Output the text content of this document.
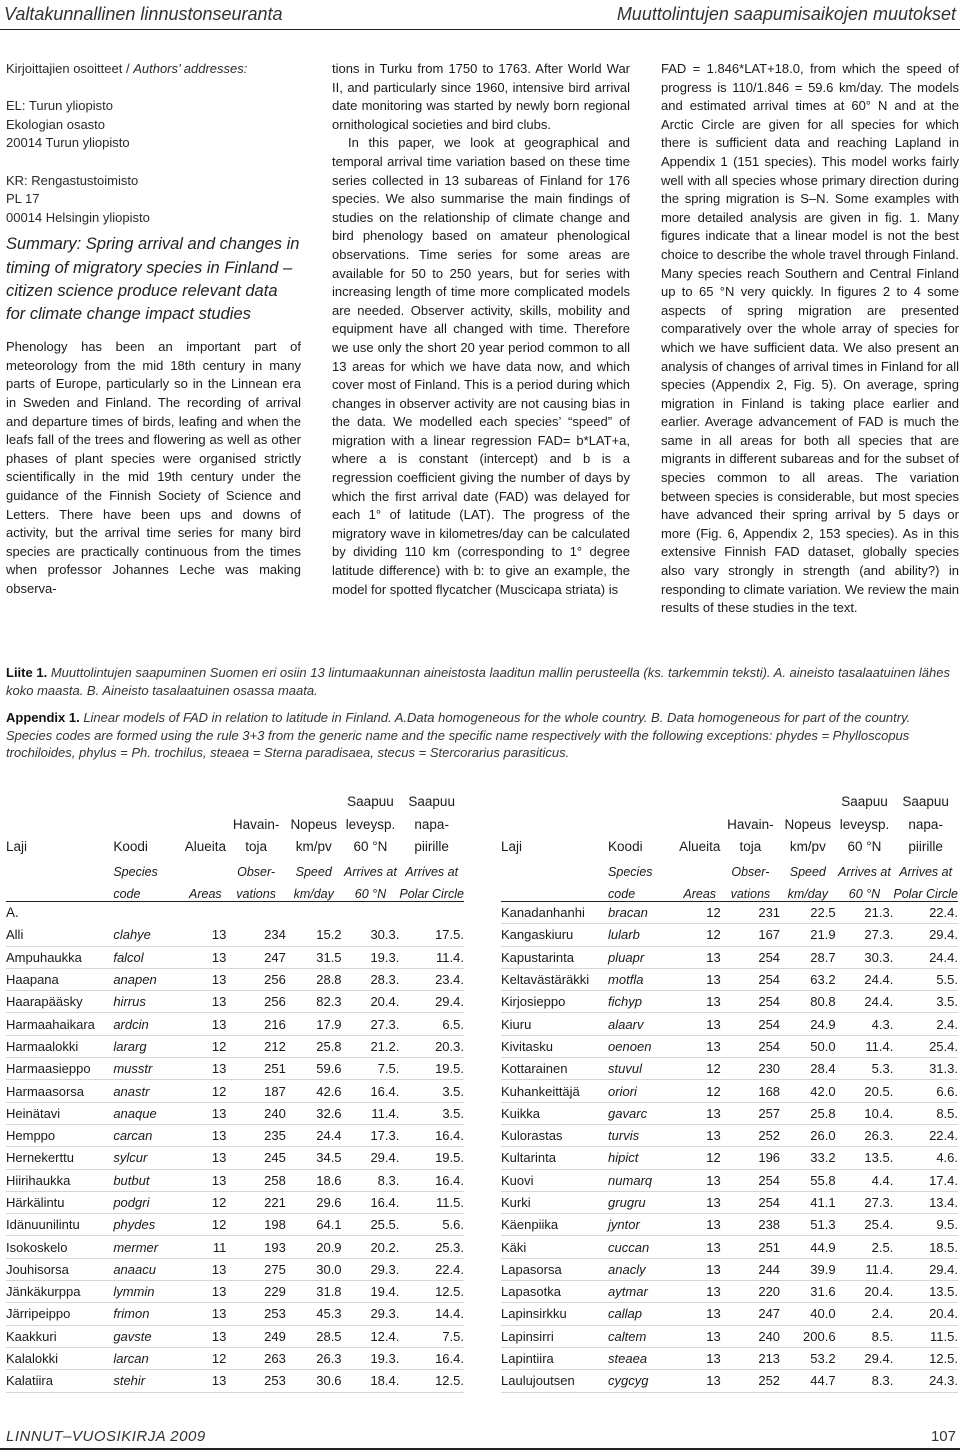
Valtakunnallinen linnustonseuranta	Muuttolintujen saapumisaikojen muutokset
Kirjoittajien osoitteet / Authors’ addresses:
EL: Turun yliopisto
Ekologian osasto
20014 Turun yliopisto
KR: Rengastustoimisto
PL 17
00014 Helsingin yliopisto
Summary: Spring arrival and changes in timing of migratory species in Finland – citizen science produce relevant data for climate change impact studies
Phenology has been an important part of meteorology from the mid 18th century in many parts of Europe, particularly so in the Linnean era in Sweden and Finland. The recording of arrival and departure times of birds, leafing and when the leafs fall of the trees and flowering as well as other phases of plant species were organised strictly scientifically in the mid 19th century under the guidance of the Finnish Society of Science and Letters. There have been ups and downs of activity, but the arrival time series for many bird species are practically continuous from the times when professor Johannes Leche was making observa-
tions in Turku from 1750 to 1763. After World War II, and particularly since 1960, intensive bird arrival date monitoring was started by newly born regional ornithological societies and bird clubs.
In this paper, we look at geographical and temporal arrival time variation based on these time series collected in 13 subareas of Finland for 176 species. We also summarise the main findings of studies on the relationship of climate change and bird phenology based on amateur phenological observations. Time series for some areas are available for 50 to 250 years, but for series with increasing length of time more complicated models are needed. Observer activity, skills, mobility and equipment have all changed with time. Therefore we use only the short 20 year period common to all 13 areas for which we have data now, and which cover most of Finland. This is a period during which changes in observer activity are not causing bias in the data. We modelled each species’ “speed” of migration with a linear regression FAD= b*LAT+a, where a is constant (intercept) and b is a regression coefficient giving the number of days by which the first arrival date (FAD) was delayed for each 1° of latitude (LAT). The progress of the migratory wave in kilometres/day can be calculated by dividing 110 km (corresponding to 1° degree latitude difference) with b: to give an example, the model for spotted flycatcher (Muscicapa striata) is
FAD = 1.846*LAT+18.0, from which the speed of progress is 110/1.846 = 59.6 km/day. The models and estimated arrival times at 60° N and at the Arctic Circle are given for all species for which there is sufficient data and reaching Lapland in Appendix 1 (151 species). This model works fairly well with all species whose primary direction during the spring migration is S–N. Some examples with more detailed analysis are given in fig. 1. Many figures indicate that a linear model is not the best choice to describe the whole travel through Finland. Many species reach Southern and Central Finland up to 65 °N very quickly. In figures 2 to 4 some aspects of spring migration are presented comparatively over the whole array of species for which we have sufficient data. We also present an analysis of changes of arrival times in Finland for all species (Appendix 2, Fig. 5). On average, spring migration in Finland is taking place earlier and earlier. Average advancement of FAD is much the same in all areas for both all species that are migrants in different subareas and for the subset of species common to all areas. The variation between species is considerable, but most species have advanced their spring arrival by 5 days or more (Fig. 6, Appendix 2, 153 species). As in this extensive Finnish FAD dataset, globally species also vary strongly in strength (and ability?) in responding to climate variation. We review the main results of these studies in the text.
Liite 1. Muuttolintujen saapuminen Suomen eri osiin 13 lintumaakunnan aineistosta laaditun mallin perusteella (ks. tarkemmin teksti). A. aineisto tasalaatuinen lähes koko maasta. B. Aineisto tasalaatuinen osassa maata.
Appendix 1. Linear models of FAD in relation to latitude in Finland. A.Data homogeneous for the whole country. B. Data homogeneous for part of the country. Species codes are formed using the rule 3+3 from the generic name and the specific name respectively with the following exceptions: phydes = Phylloscopus trochiloides, phylus = Ph. trochilus, steaea = Sterna paradisaea, stecus = Stercorarius parasiticus.
					Saapuu	Saapuu
			Havain-	Nopeus	leveysp.	napa-
Laji	Koodi	Alueita	toja	km/pv	60 °N	piirille
	Species		Obser-	Speed	Arrives at	Arrives at
	code	Areas	vations	km/day	60 °N	Polar Circle
A.						
Alli	clahye	13	234	15.2	30.3.	17.5.
Ampuhaukka	falcol	13	247	31.5	19.3.	11.4.
Haapana	anapen	13	256	28.8	28.3.	23.4.
Haarapääsky	hirrus	13	256	82.3	20.4.	29.4.
Harmaahaikara	ardcin	13	216	17.9	27.3.	6.5.
Harmaalokki	lararg	12	212	25.8	21.2.	20.3.
Harmaasieppo	musstr	13	251	59.6	7.5.	19.5.
Harmaasorsa	anastr	12	187	42.6	16.4.	3.5.
Heinätavi	anaque	13	240	32.6	11.4.	3.5.
Hemppo	carcan	13	235	24.4	17.3.	16.4.
Hernekerttu	sylcur	13	245	34.5	29.4.	19.5.
Hiirihaukka	butbut	13	258	18.6	8.3.	16.4.
Härkälintu	podgri	12	221	29.6	16.4.	11.5.
Idänuunilintu	phydes	12	198	64.1	25.5.	5.6.
Isokoskelo	mermer	11	193	20.9	20.2.	25.3.
Jouhisorsa	anaacu	13	275	30.0	29.3.	22.4.
Jänkäkurppa	lymmin	13	229	31.8	19.4.	12.5.
Järripeippo	frimon	13	253	45.3	29.3.	14.4.
Kaakkuri	gavste	13	249	28.5	12.4.	7.5.
Kalalokki	larcan	12	263	26.3	19.3.	16.4.
Kalatiira	stehir	13	253	30.6	18.4.	12.5.
					Saapuu	Saapuu
			Havain-	Nopeus	leveysp.	napa-
Laji	Koodi	Alueita	toja	km/pv	60 °N	piirille
	Species		Obser-	Speed	Arrives at	Arrives at
	code	Areas	vations	km/day	60 °N	Polar Circle
Kanadanhanhi	bracan	12	231	22.5	21.3.	22.4.
Kangaskiuru	lularb	12	167	21.9	27.3.	29.4.
Kapustarinta	pluapr	13	254	28.7	30.3.	24.4.
Keltavästäräkki	motfla	13	254	63.2	24.4.	5.5.
Kirjosieppo	fichyp	13	254	80.8	24.4.	3.5.
Kiuru	alaarv	13	254	24.9	4.3.	2.4.
Kivitasku	oenoen	13	254	50.0	11.4.	25.4.
Kottarainen	stuvul	12	230	28.4	5.3.	31.3.
Kuhankeittäjä	oriori	12	168	42.0	20.5.	6.6.
Kuikka	gavarc	13	257	25.8	10.4.	8.5.
Kulorastas	turvis	13	252	26.0	26.3.	22.4.
Kultarinta	hipict	12	196	33.2	13.5.	4.6.
Kuovi	numarq	13	254	55.8	4.4.	17.4.
Kurki	grugru	13	254	41.1	27.3.	13.4.
Käenpiika	jyntor	13	238	51.3	25.4.	9.5.
Käki	cuccan	13	251	44.9	2.5.	18.5.
Lapasorsa	anacly	13	244	39.9	11.4.	29.4.
Lapasotka	aytmar	13	220	31.6	20.4.	13.5.
Lapinsirkku	callap	13	247	40.0	2.4.	20.4.
Lapinsirri	caltem	13	240	200.6	8.5.	11.5.
Lapintiira	steaea	13	213	53.2	29.4.	12.5.
Laulujoutsen	cygcyg	13	252	44.7	8.3.	24.3.
LINNUT–VUOSIKIRJA 2009	107
